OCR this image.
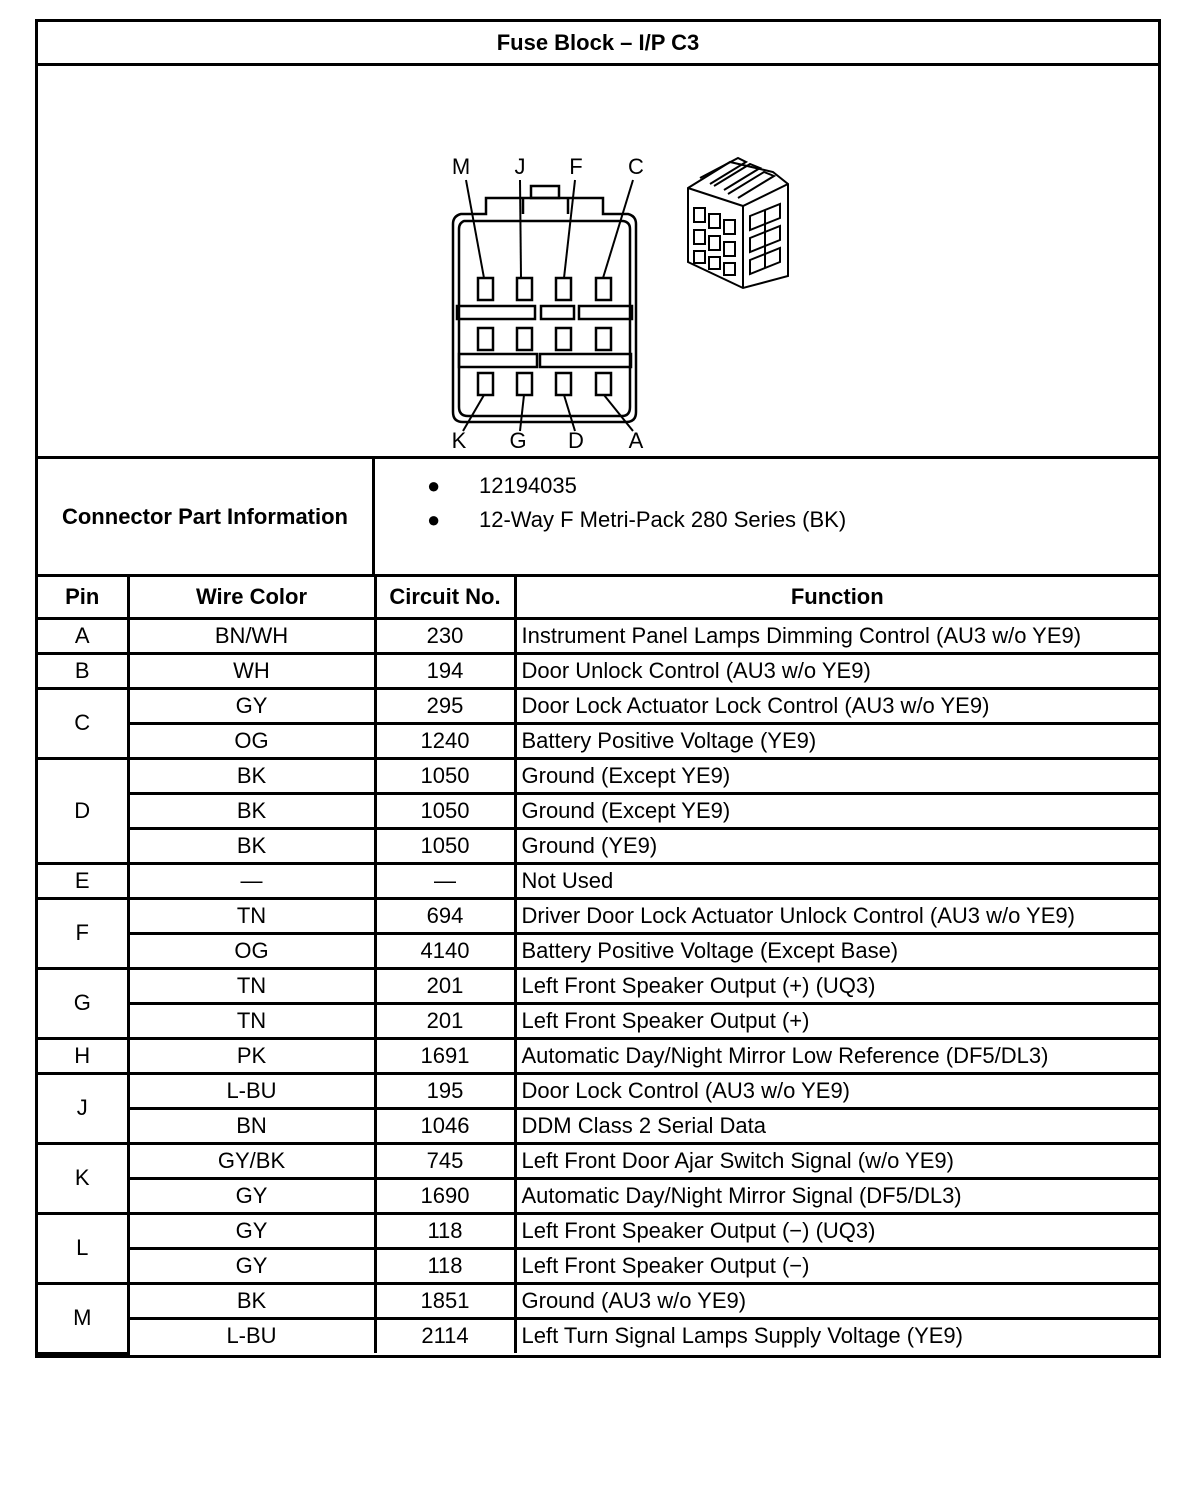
Fuse Block – I/P C3
M J F C
K G D A
Connector Part Information
●	12194035
●	12-Way F Metri-Pack 280 Series (BK)
Pin	Wire Color	Circuit No.	Function
A	BN/WH	230	Instrument Panel Lamps Dimming Control (AU3 w/o YE9)
B	WH	194	Door Unlock Control (AU3 w/o YE9)
C	GY	295	Door Lock Actuator Lock Control (AU3 w/o YE9)
	OG	1240	Battery Positive Voltage (YE9)
D	BK	1050	Ground (Except YE9)
	BK	1050	Ground (Except YE9)
	BK	1050	Ground (YE9)
E	—	—	Not Used
F	TN	694	Driver Door Lock Actuator Unlock Control (AU3 w/o YE9)
	OG	4140	Battery Positive Voltage (Except Base)
G	TN	201	Left Front Speaker Output (+) (UQ3)
	TN	201	Left Front Speaker Output (+)
H	PK	1691	Automatic Day/Night Mirror Low Reference (DF5/DL3)
J	L-BU	195	Door Lock Control (AU3 w/o YE9)
	BN	1046	DDM Class 2 Serial Data
K	GY/BK	745	Left Front Door Ajar Switch Signal (w/o YE9)
	GY	1690	Automatic Day/Night Mirror Signal (DF5/DL3)
L	GY	118	Left Front Speaker Output (−) (UQ3)
	GY	118	Left Front Speaker Output (−)
M	BK	1851	Ground (AU3 w/o YE9)
	L-BU	2114	Left Turn Signal Lamps Supply Voltage (YE9)
